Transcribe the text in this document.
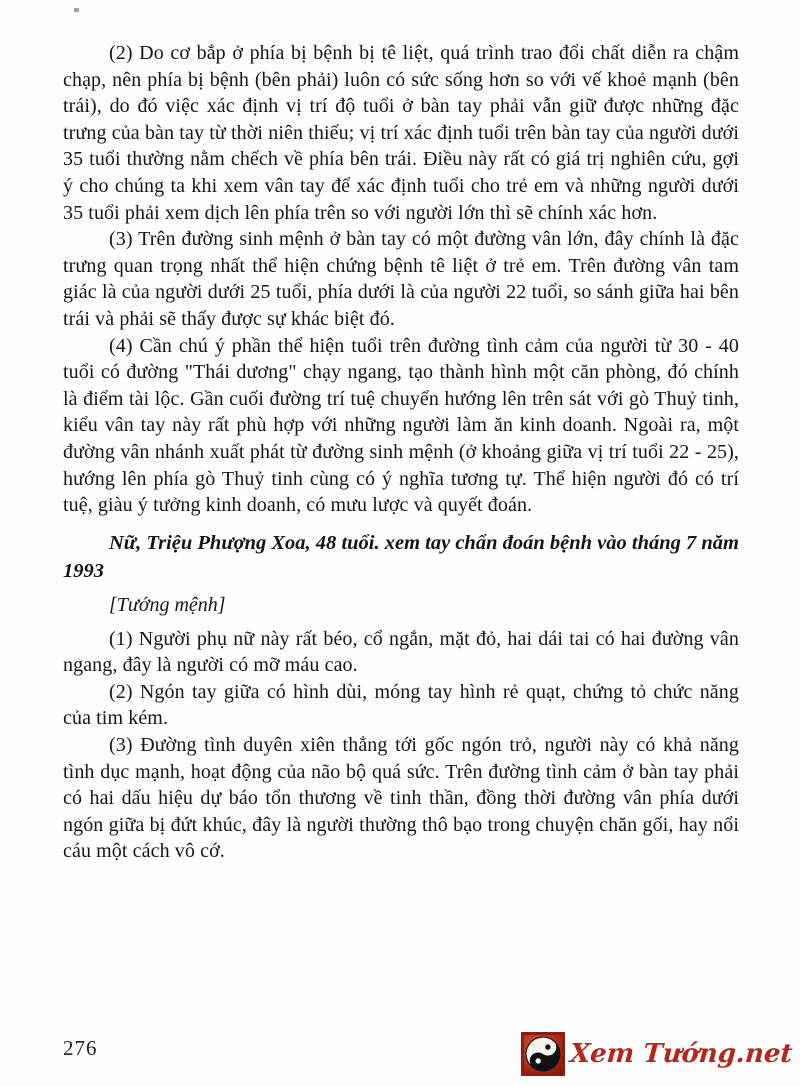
(2) Do cơ bắp ở phía bị bệnh bị tê liệt, quá trình trao đổi chất diễn ra chậm chạp, nên phía bị bệnh (bên phải) luôn có sức sống hơn so với vế khoẻ mạnh (bên trái), do đó việc xác định vị trí độ tuổi ở bàn tay phải vẫn giữ được những đặc trưng của bàn tay từ thời niên thiếu; vị trí xác định tuổi trên bàn tay của người dưới 35 tuổi thường nằm chếch về phía bên trái. Điều này rất có giá trị nghiên cứu, gợi ý cho chúng ta khi xem vân tay để xác định tuổi cho trẻ em và những người dưới 35 tuổi phải xem dịch lên phía trên so với người lớn thì sẽ chính xác hơn.

(3) Trên đường sinh mệnh ở bàn tay có một đường vân lớn, đây chính là đặc trưng quan trọng nhất thể hiện chứng bệnh tê liệt ở trẻ em. Trên đường vân tam giác là của người dưới 25 tuổi, phía dưới là của người 22 tuổi, so sánh giữa hai bên trái và phải sẽ thấy được sự khác biệt đó.

(4) Cần chú ý phần thể hiện tuổi trên đường tình cảm của người từ 30 - 40 tuổi có đường "Thái dương" chạy ngang, tạo thành hình một căn phòng, đó chính là điểm tài lộc. Gần cuối đường trí tuệ chuyển hướng lên trên sát với gò Thuỷ tinh, kiểu vân tay này rất phù hợp với những người làm ăn kinh doanh. Ngoài ra, một đường vân nhánh xuất phát từ đường sinh mệnh (ở khoảng giữa vị trí tuổi 22 - 25), hướng lên phía gò Thuỷ tinh cùng có ý nghĩa tương tự. Thể hiện người đó có trí tuệ, giàu ý tưởng kinh doanh, có mưu lược và quyết đoán.

Nữ, Triệu Phượng Xoa, 48 tuổi. xem tay chẩn đoán bệnh vào tháng 7 năm 1993

[Tướng mệnh]

(1) Người phụ nữ này rất béo, cổ ngắn, mặt đỏ, hai dái tai có hai đường vân ngang, đây là người có mỡ máu cao.

(2) Ngón tay giữa có hình dùi, móng tay hình rẻ quạt, chứng tỏ chức năng của tim kém.

(3) Đường tình duyên xiên thẳng tới gốc ngón trỏ, người này có khả năng tình dục mạnh, hoạt động của não bộ quá sức. Trên đường tình cảm ở bàn tay phải có hai dấu hiệu dự báo tổn thương về tinh thần, đồng thời đường vân phía dưới ngón giữa bị đứt khúc, đây là người thường thô bạo trong chuyện chăn gối, hay nổi cáu một cách vô cớ.

276	Xem Tướng.net
